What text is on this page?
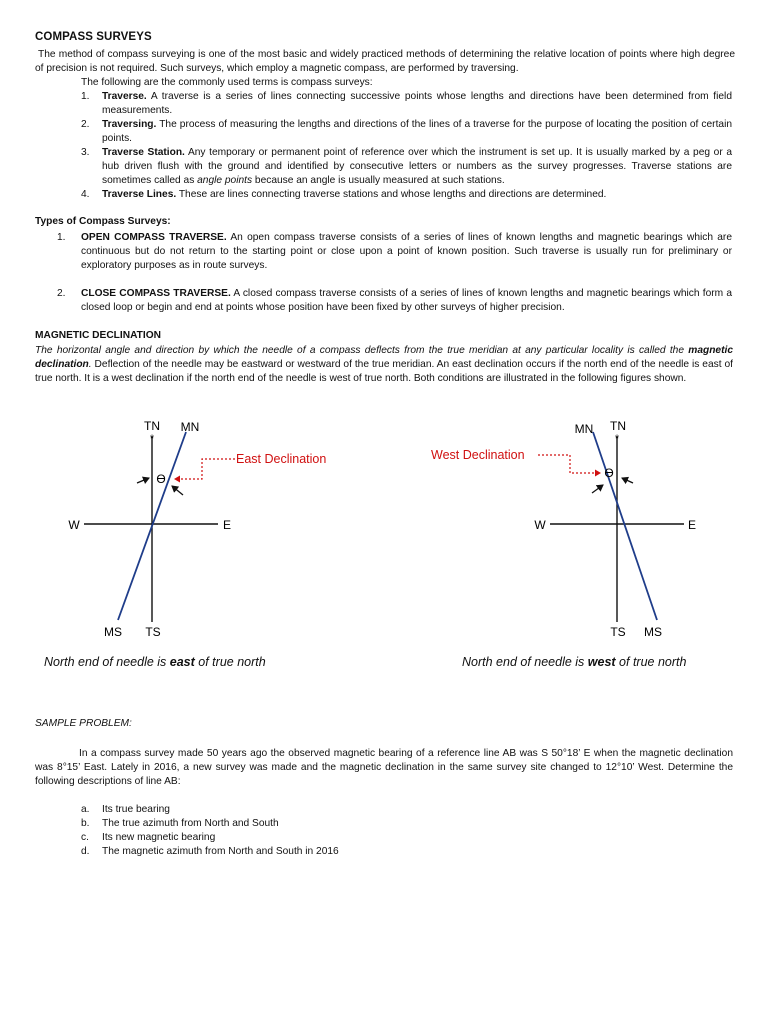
COMPASS SURVEYS
The method of compass surveying is one of the most basic and widely practiced methods of determining the relative location of points where high degree of precision is not required. Such surveys, which employ a magnetic compass, are performed by traversing.
The following are the commonly used terms is compass surveys:
1. Traverse. A traverse is a series of lines connecting successive points whose lengths and directions have been determined from field measurements.
2. Traversing. The process of measuring the lengths and directions of the lines of a traverse for the purpose of locating the position of certain points.
3. Traverse Station. Any temporary or permanent point of reference over which the instrument is set up. It is usually marked by a peg or a hub driven flush with the ground and identified by consecutive letters or numbers as the survey progresses. Traverse stations are sometimes called as angle points because an angle is usually measured at such stations.
4. Traverse Lines. These are lines connecting traverse stations and whose lengths and directions are determined.
Types of Compass Surveys:
1. OPEN COMPASS TRAVERSE. An open compass traverse consists of a series of lines of known lengths and magnetic bearings which are continuous but do not return to the starting point or close upon a point of known position. Such traverse is usually run for preliminary or exploratory purposes as in route surveys.
2. CLOSE COMPASS TRAVERSE. A closed compass traverse consists of a series of lines of known lengths and magnetic bearings which form a closed loop or begin and end at points whose position have been fixed by other surveys of higher precision.
MAGNETIC DECLINATION
The horizontal angle and direction by which the needle of a compass deflects from the true meridian at any particular locality is called the magnetic declination. Deflection of the needle may be eastward or westward of the true meridian. An east declination occurs if the north end of the needle is east of true north. It is a west declination if the north end of the needle is west of true north. Both conditions are illustrated in the following figures shown.
*
TN MN
W	E
MS TS
ϴ
East Declination
*
TN
MN
W	E
TS MS
ϴ
West Declination
North end of needle is east of true north	North end of needle is west of true north
SAMPLE PROBLEM:
In a compass survey made 50 years ago the observed magnetic bearing of a reference line AB was S 50°18’ E when the magnetic declination was 8°15’ East. Lately in 2016, a new survey was made and the magnetic declination in the same survey site changed to 12°10’ West. Determine the following descriptions of line AB:
a. Its true bearing
b. The true azimuth from North and South
c. Its new magnetic bearing
d. The magnetic azimuth from North and South in 2016
